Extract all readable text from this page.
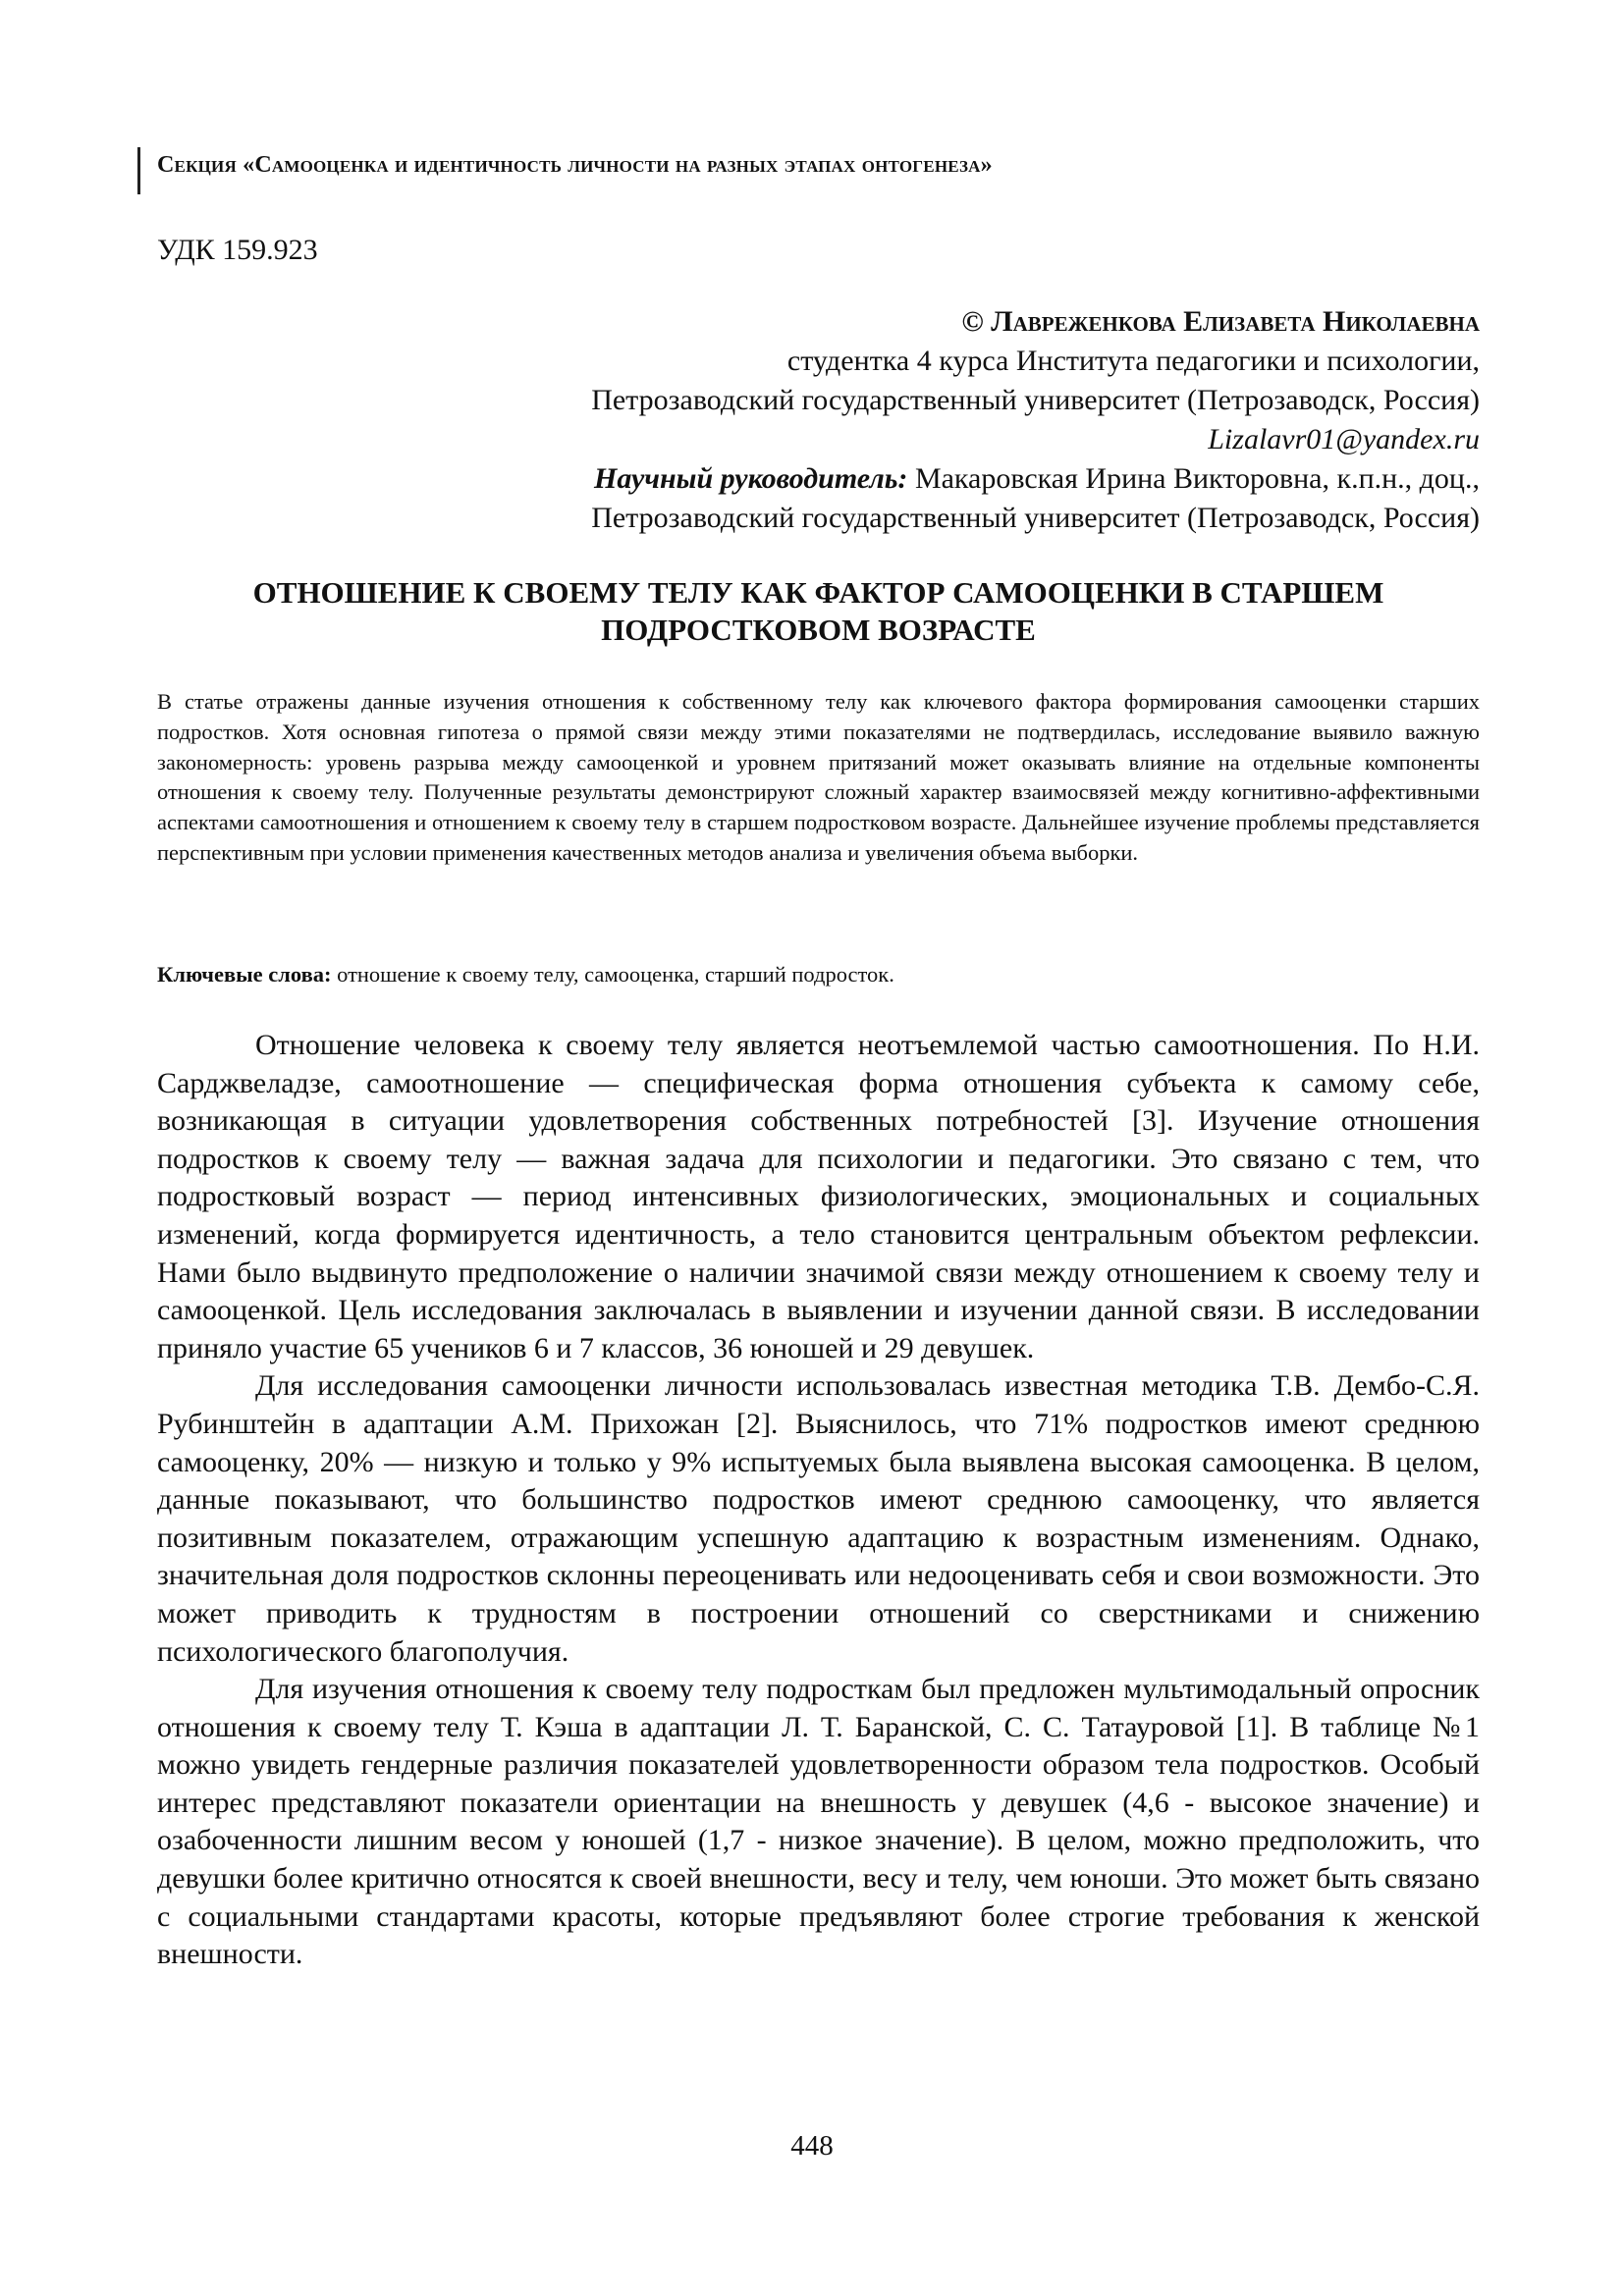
Секция «Самооценка и идентичность личности на разных этапах онтогенеза»
УДК 159.923
© Лавреженкова Елизавета Николаевна
студентка 4 курса Института педагогики и психологии,
Петрозаводский государственный университет (Петрозаводск, Россия)
Lizalavr01@yandex.ru
Научный руководитель: Макаровская Ирина Викторовна, к.п.н., доц.,
Петрозаводский государственный университет (Петрозаводск, Россия)
ОТНОШЕНИЕ К СВОЕМУ ТЕЛУ КАК ФАКТОР САМООЦЕНКИ В СТАРШЕМ
ПОДРОСТКОВОМ ВОЗРАСТЕ

В статье отражены данные изучения отношения к собственному телу как ключевого фактора формирования самооценки старших подростков. Хотя основная гипотеза о прямой связи между этими показателями не подтвердилась, исследование выявило важную закономерность: уровень разрыва между самооценкой и уровнем притязаний может оказывать влияние на отдельные компоненты отношения к своему телу. Полученные результаты демонстрируют сложный характер взаимосвязей между когнитивно-аффективными аспектами самоотношения и отношением к своему телу в старшем подростковом возрасте. Дальнейшее изучение проблемы представляется перспективным при условии применения качественных методов анализа и увеличения объема выборки.

Ключевые слова: отношение к своему телу, самооценка, старший подросток.

Отношение человека к своему телу является неотъемлемой частью самоотношения. По Н.И. Сарджвеладзе, самоотношение — специфическая форма отношения субъекта к самому себе, возникающая в ситуации удовлетворения собственных потребностей [3]. Изучение отношения подростков к своему телу — важная задача для психологии и педагогики. Это связано с тем, что подростковый возраст — период интенсивных физиологических, эмоциональных и социальных изменений, когда формируется идентичность, а тело становится центральным объектом рефлексии. Нами было выдвинуто предположение о наличии значимой связи между отношением к своему телу и самооценкой. Цель исследования заключалась в выявлении и изучении данной связи. В исследовании приняло участие 65 учеников 6 и 7 классов, 36 юношей и 29 девушек.

Для исследования самооценки личности использовалась известная методика Т.В. Дембо-С.Я. Рубинштейн в адаптации А.М. Прихожан [2]. Выяснилось, что 71% подростков имеют среднюю самооценку, 20% — низкую и только у 9% испытуемых была выявлена высокая самооценка. В целом, данные показывают, что большинство подростков имеют среднюю самооценку, что является позитивным показателем, отражающим успешную адаптацию к возрастным изменениям. Однако, значительная доля подростков склонны переоценивать или недооценивать себя и свои возможности. Это может приводить к трудностям в построении отношений со сверстниками и снижению психологического благополучия.

Для изучения отношения к своему телу подросткам был предложен мультимодальный опросник отношения к своему телу Т. Кэша в адаптации Л. Т. Баранской, С. С. Татауровой [1]. В таблице №1 можно увидеть гендерные различия показателей удовлетворенности образом тела подростков. Особый интерес представляют показатели ориентации на внешность у девушек (4,6 - высокое значение) и озабоченности лишним весом у юношей (1,7 - низкое значение). В целом, можно предположить, что девушки более критично относятся к своей внешности, весу и телу, чем юноши. Это может быть связано с социальными стандартами красоты, которые предъявляют более строгие требования к женской внешности.

448
